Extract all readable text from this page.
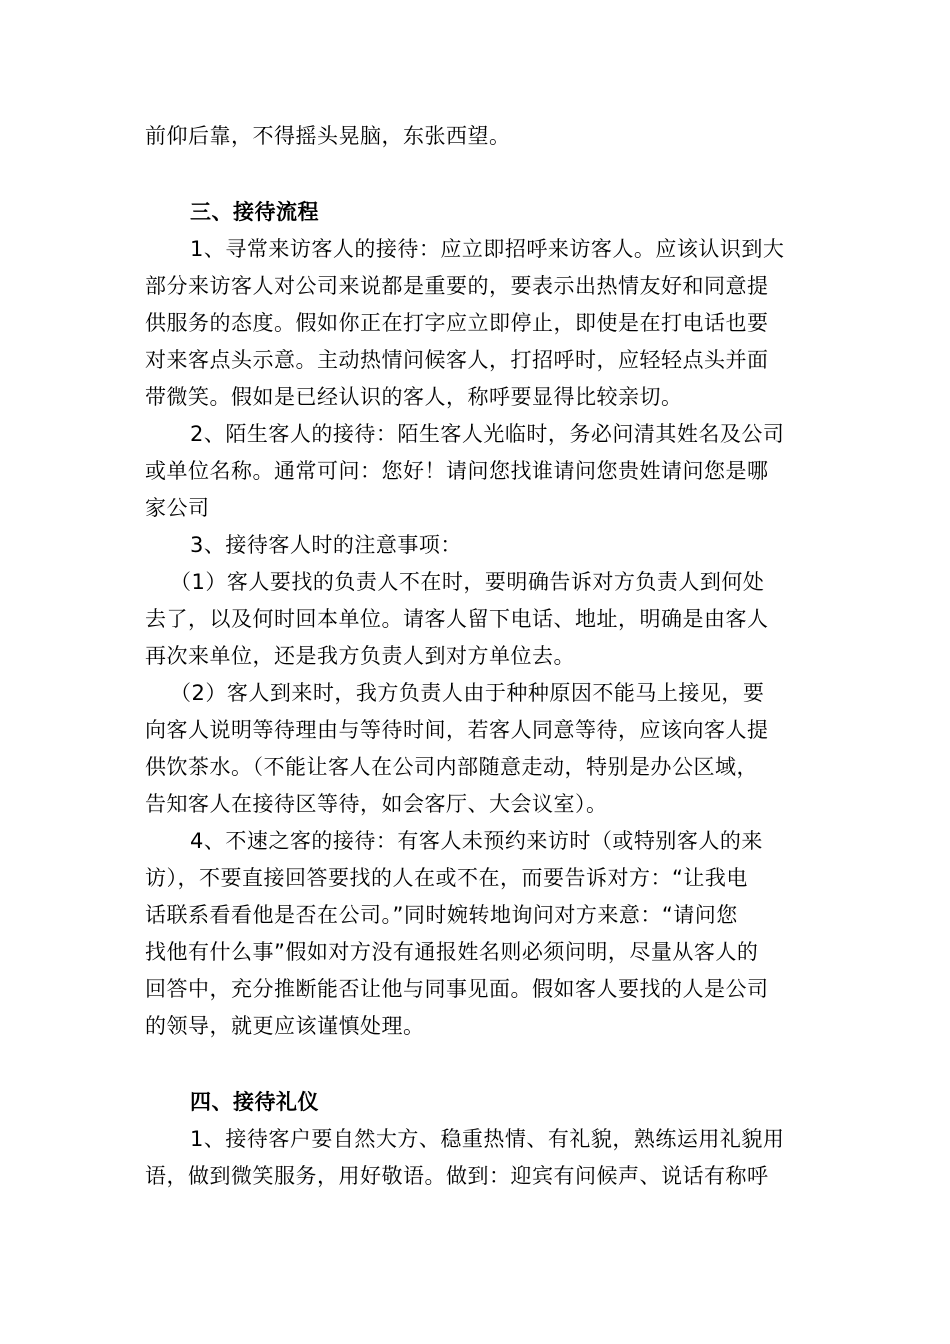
前仰后靠，不得摇头晃脑，东张西望。
三、接待流程
1、寻常来访客人的接待：应立即招呼来访客人。应该认识到大
部分来访客人对公司来说都是重要的，要表示出热情友好和同意提
供服务的态度。假如你正在打字应立即停止，即使是在打电话也要
对来客点头示意。主动热情问候客人，打招呼时，应轻轻点头并面
带微笑。假如是已经认识的客人，称呼要显得比较亲切。
2、陌生客人的接待：陌生客人光临时，务必问清其姓名及公司
或单位名称。通常可问：您好！请问您找谁请问您贵姓请问您是哪
家公司
3、接待客人时的注意事项：
（1）客人要找的负责人不在时，要明确告诉对方负责人到何处
去了，以及何时回本单位。请客人留下电话、地址，明确是由客人
再次来单位，还是我方负责人到对方单位去。
（2）客人到来时，我方负责人由于种种原因不能马上接见，要
向客人说明等待理由与等待时间，若客人同意等待，应该向客人提
供饮茶水。（不能让客人在公司内部随意走动，特别是办公区域，
告知客人在接待区等待，如会客厅、大会议室）。
4、不速之客的接待：有客人未预约来访时（或特别客人的来
访），不要直接回答要找的人在或不在，而要告诉对方：“让我电
话联系看看他是否在公司。”同时婉转地询问对方来意：“请问您
找他有什么事”假如对方没有通报姓名则必须问明，尽量从客人的
回答中，充分推断能否让他与同事见面。假如客人要找的人是公司
的领导，就更应该谨慎处理。
四、接待礼仪
1、接待客户要自然大方、稳重热情、有礼貌，熟练运用礼貌用
语，做到微笑服务，用好敬语。做到：迎宾有问候声、说话有称呼
